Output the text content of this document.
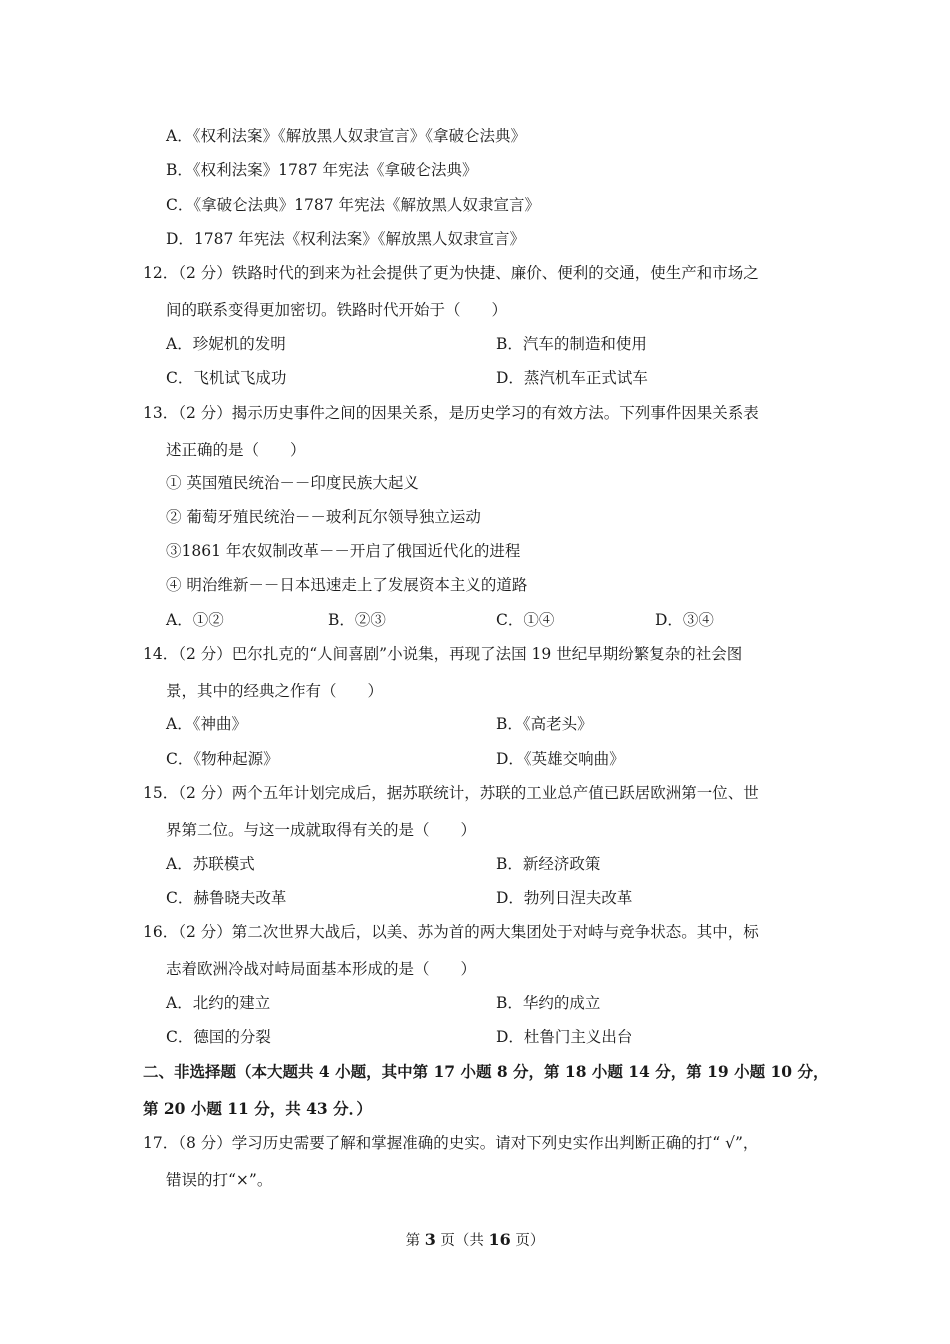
A．《权利法案》《解放黑人奴隶宣言》《拿破仑法典》
B．《权利法案》1787 年宪法《拿破仑法典》
C．《拿破仑法典》1787 年宪法《解放黑人奴隶宣言》
D．1787 年宪法《权利法案》《解放黑人奴隶宣言》
12．（2 分）铁路时代的到来为社会提供了更为快捷、廉价、便利的交通，使生产和市场之
间的联系变得更加密切。铁路时代开始于（　　）
A．珍妮机的发明	B．汽车的制造和使用
C．飞机试飞成功	D．蒸汽机车正式试车
13．（2 分）揭示历史事件之间的因果关系，是历史学习的有效方法。下列事件因果关系表
述正确的是（　　）
① 英国殖民统治－－印度民族大起义
② 葡萄牙殖民统治－－玻利瓦尔领导独立运动
③1861 年农奴制改革－－开启了俄国近代化的进程
④ 明治维新－－日本迅速走上了发展资本主义的道路
A．①②	B．②③	C．①④	D．③④
14．（2 分）巴尔扎克的“人间喜剧”小说集，再现了法国 19 世纪早期纷繁复杂的社会图
景，其中的经典之作有（　　）
A．《神曲》	B．《高老头》
C．《物种起源》	D．《英雄交响曲》
15．（2 分）两个五年计划完成后，据苏联统计，苏联的工业总产值已跃居欧洲第一位、世
界第二位。与这一成就取得有关的是（　　）
A．苏联模式	B．新经济政策
C．赫鲁晓夫改革	D．勃列日涅夫改革
16．（2 分）第二次世界大战后，以美、苏为首的两大集团处于对峙与竞争状态。其中，标
志着欧洲冷战对峙局面基本形成的是（　　）
A．北约的建立	B．华约的成立
C．德国的分裂	D．杜鲁门主义出台
二、非选择题（本大题共 4 小题，其中第 17 小题 8 分，第 18 小题 14 分，第 19 小题 10 分，
第 20 小题 11 分，共 43 分．）
17．（8 分）学习历史需要了解和掌握准确的史实。请对下列史实作出判断正确的打“ √”，
错误的打“×”。
第 3 页（共 16 页）
